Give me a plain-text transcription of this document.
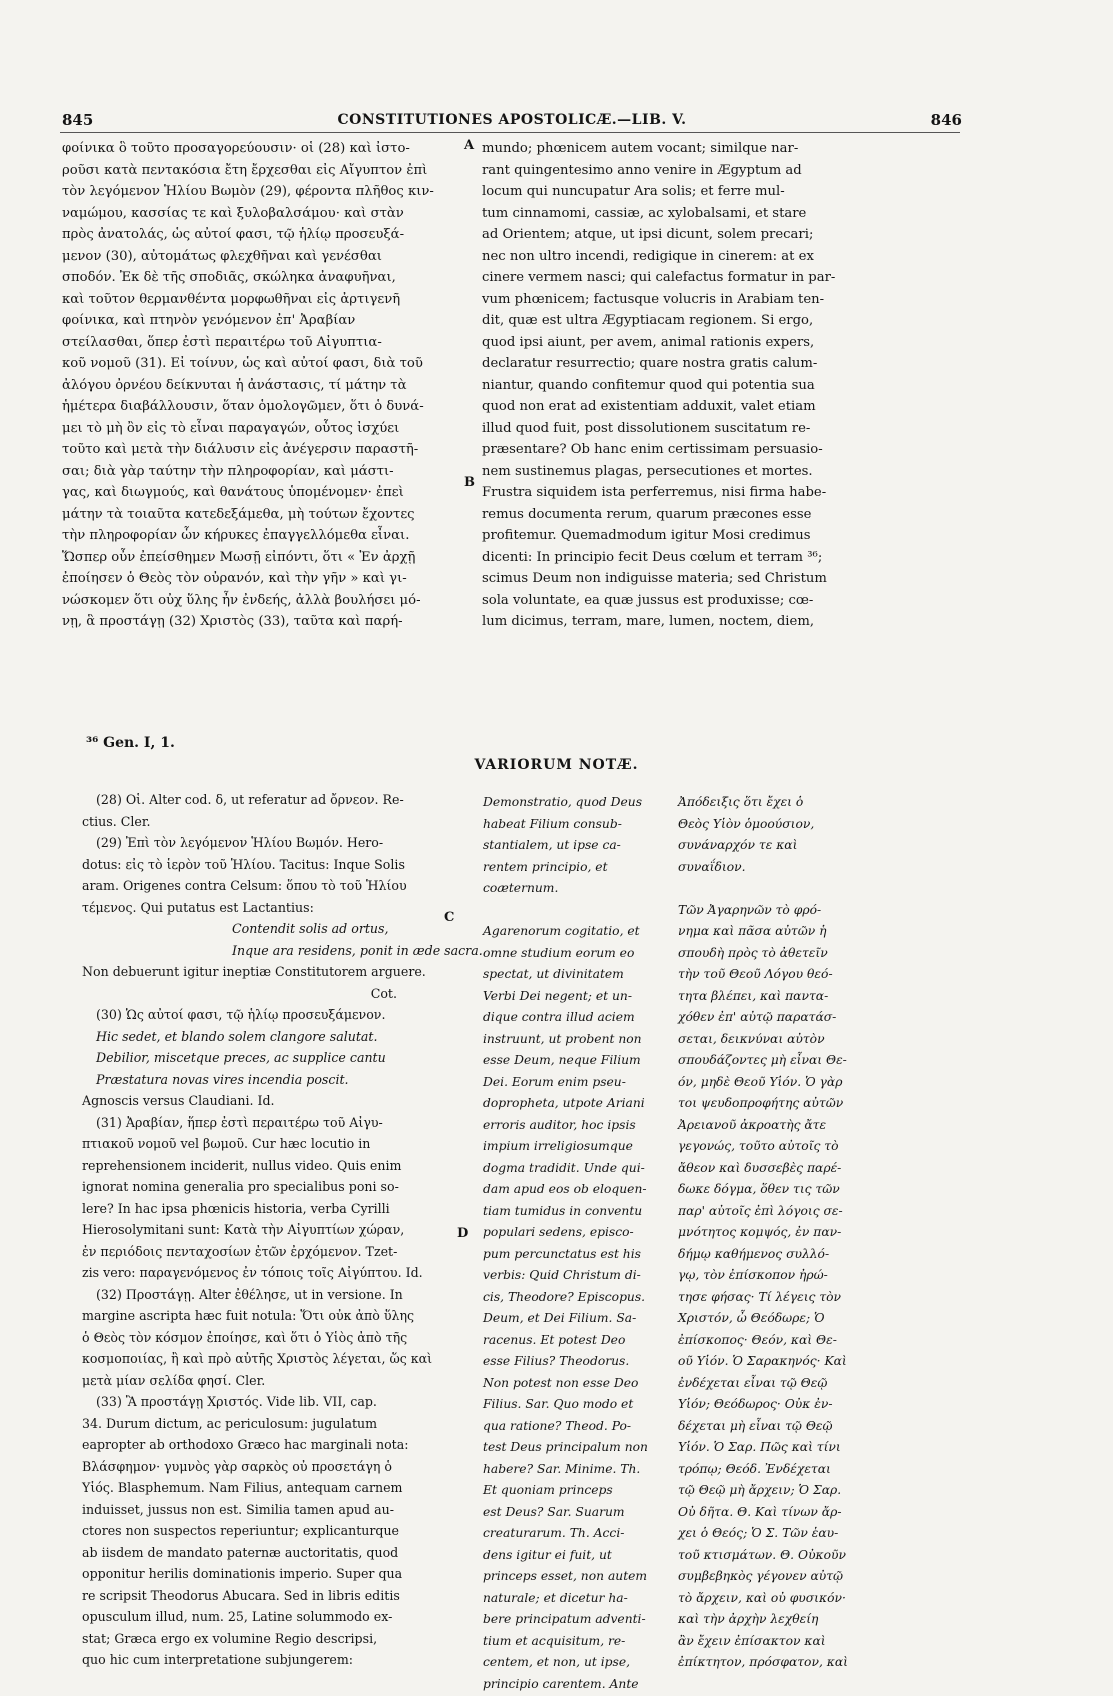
845	CONSTITUTIONES APOSTOLICÆ.—LIB. V.	846
φοίνικα ὃ τοῦτο προσαγορεύουσιν· οἱ (28) καὶ ἰστο-
ροῦσι κατὰ πεντακόσια ἔτη ἔρχεσθαι εἰς Αἴγυπτον ἐπὶ
τὸν λεγόμενον Ἡλίου Βωμὸν (29), φέροντα πλῆθος κιν-
ναμώμου, κασσίας τε καὶ ξυλοβαλσάμου· καὶ στὰν
πρὸς ἀνατολάς, ὡς αὐτοί φασι, τῷ ἡλίῳ προσευξά-
μενον (30), αὐτομάτως φλεχθῆναι καὶ γενέσθαι
σποδόν. Ἐκ δὲ τῆς σποδιᾶς, σκώληκα ἀναφυῆναι,
καὶ τοῦτον θερμανθέντα μορφωθῆναι εἰς ἀρτιγενῆ
φοίνικα, καὶ πτηνὸν γενόμενον ἐπ' Ἀραβίαν
στείλασθαι, ὅπερ ἐστὶ περαιτέρω τοῦ Αἰγυπτια-
κοῦ νομοῦ (31). Εἰ τοίνυν, ὡς καὶ αὐτοί φασι, διὰ τοῦ
ἀλόγου ὀρνέου δείκνυται ἡ ἀνάστασις, τί μάτην τὰ
ἡμέτερα διαβάλλουσιν, ὅταν ὁμολογῶμεν, ὅτι ὁ δυνά-
μει τὸ μὴ ὂν εἰς τὸ εἶναι παραγαγών, οὗτος ἰσχύει
τοῦτο καὶ μετὰ τὴν διάλυσιν εἰς ἀνέγερσιν παραστῆ-
σαι; διὰ γὰρ ταύτην τὴν πληροφορίαν, καὶ μάστι-
γας, καὶ διωγμούς, καὶ θανάτους ὑπομένομεν· ἐπεὶ
μάτην τὰ τοιαῦτα κατεδεξάμεθα, μὴ τούτων ἔχοντες
τὴν πληροφορίαν ὧν κήρυκες ἐπαγγελλόμεθα εἶναι.
Ὥσπερ οὖν ἐπείσθημεν Μωσῇ εἰπόντι, ὅτι « Ἐν ἀρχῇ
ἐποίησεν ὁ Θεὸς τὸν οὐρανόν, καὶ τὴν γῆν » καὶ γι-
νώσκομεν ὅτι οὐχ ὕλης ἦν ἐνδεής, ἀλλὰ βουλήσει μό-
νῃ, ἃ προστάγῃ (32) Χριστὸς (33), ταῦτα καὶ παρή-
A
B
mundo; phœnicem autem vocant; similque nar-
rant quingentesimo anno venire in Ægyptum ad
locum qui nuncupatur Ara solis; et ferre mul-
tum cinnamomi, cassiæ, ac xylobalsami, et stare
ad Orientem; atque, ut ipsi dicunt, solem precari;
nec non ultro incendi, redigique in cinerem: at ex
cinere vermem nasci; qui calefactus formatur in par-
vum phœnicem; factusque volucris in Arabiam ten-
dit, quæ est ultra Ægyptiacam regionem. Si ergo,
quod ipsi aiunt, per avem, animal rationis expers,
declaratur resurrectio; quare nostra gratis calum-
niantur, quando confitemur quod qui potentia sua
quod non erat ad existentiam adduxit, valet etiam
illud quod fuit, post dissolutionem suscitatum re-
præsentare? Ob hanc enim certissimam persuasio-
nem sustinemus plagas, persecutiones et mortes.
Frustra siquidem ista perferremus, nisi firma habe-
remus documenta rerum, quarum præcones esse
profitemur. Quemadmodum igitur Mosi credimus
dicenti: In principio fecit Deus cœlum et terram ³⁶;
scimus Deum non indiguisse materia; sed Christum
sola voluntate, ea quæ jussus est produxisse; cœ-
lum dicimus, terram, mare, lumen, noctem, diem,
³⁶ Gen. I, 1.
VARIORUM NOTÆ.
(28) Οἱ. Alter cod. δ, ut referatur ad ὄρνεον. Re-
ctius. Cler.
(29) Ἐπὶ τὸν λεγόμενον Ἡλίου Βωμόν. Hero-
dotus: εἰς τὸ ἱερὸν τοῦ Ἡλίου. Tacitus: Inque Solis
aram. Origenes contra Celsum: ὅπου τὸ τοῦ Ἡλίου
τέμενος. Qui putatus est Lactantius:
Contendit solis ad ortus,
Inque ara residens, ponit in æde sacra.
Non debuerunt igitur ineptiæ Constitutorem arguere.
Cot.
(30) Ὡς αὐτοί φασι, τῷ ἡλίῳ προσευξάμενον.
Hic sedet, et blando solem clangore salutat.
Debilior, miscetque preces, ac supplice cantu
Præstatura novas vires incendia poscit.
Agnoscis versus Claudiani. Id.
(31) Ἀραβίαν, ἥπερ ἐστὶ περαιτέρω τοῦ Αἰγυ-
πτιακοῦ νομοῦ vel βωμοῦ. Cur hæc locutio in
reprehensionem inciderit, nullus video. Quis enim
ignorat nomina generalia pro specialibus poni so-
lere? In hac ipsa phœnicis historia, verba Cyrilli
Hierosolymitani sunt: Κατὰ τὴν Αἰγυπτίων χώραν,
ἐν περιόδοις πενταχοσίων ἐτῶν ἐρχόμενον. Tzet-
zis vero: παραγενόμενος ἐν τόποις τοῖς Αἰγύπτου. Id.
(32) Προστάγῃ. Alter ἐθέλησε, ut in versione. In
margine ascripta hæc fuit notula: Ὅτι οὐκ ἀπὸ ὕλης
ὁ Θεὸς τὸν κόσμον ἐποίησε, καὶ ὅτι ὁ Υἱὸς ἀπὸ τῆς
κοσμοποιίας, ἢ καὶ πρὸ αὐτῆς Χριστὸς λέγεται, ὥς καὶ
μετὰ μίαν σελίδα φησί. Cler.
(33) Ἃ προστάγῃ Χριστός. Vide lib. VII, cap.
34. Durum dictum, ac periculosum: jugulatum
eapropter ab orthodoxo Græco hac marginali nota:
Βλάσφημον· γυμνὸς γὰρ σαρκὸς οὐ προσετάγη ὁ
Υἱός. Blasphemum. Nam Filius, antequam carnem
induisset, jussus non est. Similia tamen apud au-
ctores non suspectos reperiuntur; explicanturque
ab iisdem de mandato paternæ auctoritatis, quod
opponitur herilis dominationis imperio. Super qua
re scripsit Theodorus Abucara. Sed in libris editis
opusculum illud, num. 25, Latine solummodo ex-
stat; Græca ergo ex volumine Regio descripsi,
quo hic cum interpretatione subjungerem:
C
D
Demonstratio, quod Deus
habeat Filium consub-
stantialem, ut ipse ca-
rentem principio, et
coæternum.
Agarenorum cogitatio, et
omne studium eorum eo
spectat, ut divinitatem
Verbi Dei negent; et un-
dique contra illud aciem
instruunt, ut probent non
esse Deum, neque Filium
Dei. Eorum enim pseu-
doprophetа, utpote Ariani
erroris auditor, hoc ipsis
impium irreligiosumque
dogma tradidit. Unde qui-
dam apud eos ob eloquen-
tiam tumidus in conventu
populari sedens, episco-
pum percunctatus est his
verbis: Quid Christum di-
cis, Theodore? Episcopus.
Deum, et Dei Filium. Sa-
racenus. Et potest Deo
esse Filius? Theodorus.
Non potest non esse Deo
Filius. Sar. Quo modo et
qua ratione? Theod. Po-
test Deus principalum non
habere? Sar. Minime. Th.
Et quoniam princeps
est Deus? Sar. Suarum
creaturarum. Th. Acci-
dens igitur ei fuit, ut
princeps esset, non autem
naturale; et dicetur ha-
bere principatum adventi-
tium et acquisitum, re-
centem, et non, ut ipse,
principio carentem. Ante
Ἀπόδειξις ὅτι ἔχει ὁ
Θεὸς Υἱὸν ὁμοούσιον,
συνάναρχόν τε καὶ
συναΐδιον.
Τῶν Ἀγαρηνῶν τὸ φρό-
νημα καὶ πᾶσα αὐτῶν ἡ
σπουδὴ πρὸς τὸ ἀθετεῖν
τὴν τοῦ Θεοῦ Λόγου θεό-
τητα βλέπει, καὶ παντα-
χόθεν ἐπ' αὐτῷ παρατάσ-
σεται, δεικνύναι αὐτὸν
σπουδάζοντες μὴ εἶναι Θε-
όν, μηδὲ Θεοῦ Υἱόν. Ὁ γὰρ
τοι ψευδοπροφήτης αὐτῶν
Ἀρειανοῦ ἀκροατὴς ἄτε
γεγονώς, τοῦτο αὐτοῖς τὸ
ἄθεον καὶ δυσσεβὲς παρέ-
δωκε δόγμα, ὅθεν τις τῶν
παρ' αὐτοῖς ἐπὶ λόγοις σε-
μνότητος κομψός, ἐν παν-
δήμῳ καθήμενος συλλό-
γῳ, τὸν ἐπίσκοπον ἠρώ-
τησε φήσας· Τί λέγεις τὸν
Χριστόν, ὦ Θεόδωρε; Ὁ
ἐπίσκοπος· Θεόν, καὶ Θε-
οῦ Υἱόν. Ὁ Σαρακηνός· Καὶ
ἐνδέχεται εἶναι τῷ Θεῷ
Υἱόν; Θεόδωρος· Οὐκ ἐν-
δέχεται μὴ εἶναι τῷ Θεῷ
Υἱόν. Ὁ Σαρ. Πῶς καὶ τίνι
τρόπῳ; Θεόδ. Ἐνδέχεται
τῷ Θεῷ μὴ ἄρχειν; Ὁ Σαρ.
Οὐ δῆτα. Θ. Καὶ τίνων ἄρ-
χει ὁ Θεός; Ὁ Σ. Τῶν ἑαυ-
τοῦ κτισμάτων. Θ. Οὐκοῦν
συμβεβηκὸς γέγονεν αὐτῷ
τὸ ἄρχειν, καὶ οὐ φυσικόν·
καὶ τὴν ἀρχὴν λεχθείη
ἂν ἔχειν ἐπίσακτον καὶ
ἐπίκτητον, πρόσφατον, καὶ
